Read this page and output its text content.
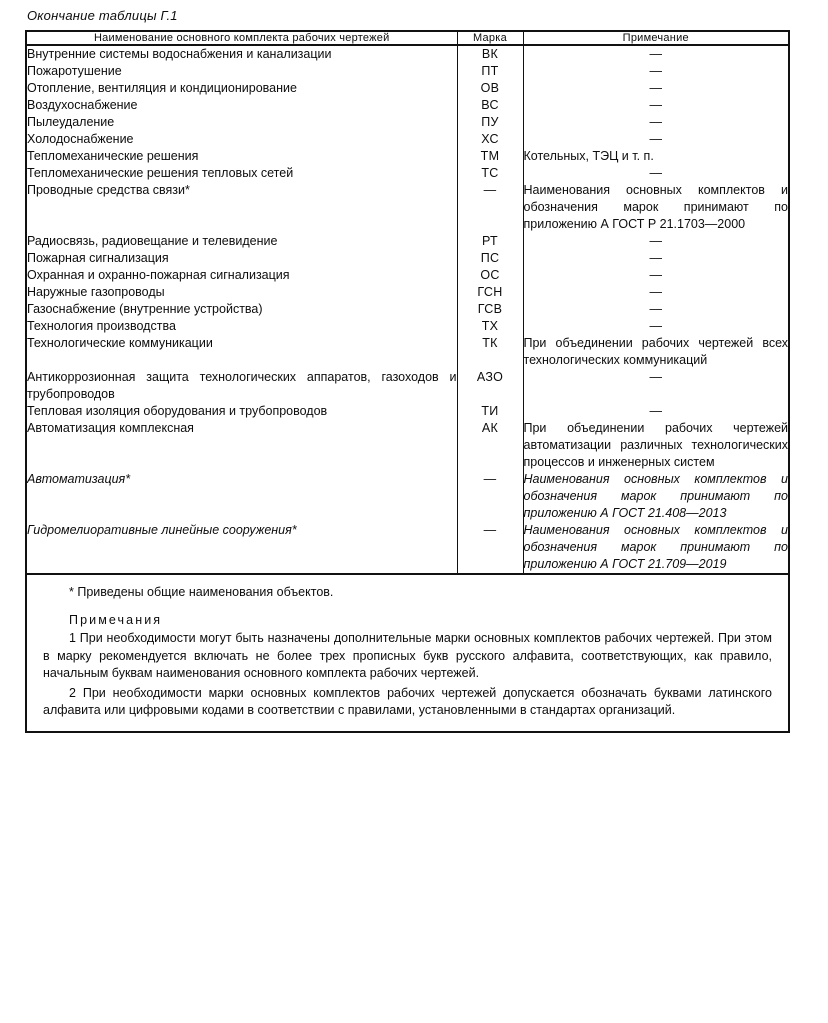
Окончание таблицы Г.1
Наименование основного комплекта рабочих чертежей	Марка	Примечание
Внутренние системы водоснабжения и канализации	ВК	—
Пожаротушение	ПТ	—
Отопление, вентиляция и кондиционирование	ОВ	—
Воздухоснабжение	ВС	—
Пылеудаление	ПУ	—
Холодоснабжение	ХС	—
Тепломеханические решения	ТМ	Котельных, ТЭЦ и т. п.
Тепломеханические решения тепловых сетей	ТС	—
Проводные средства связи*	—	Наименования основных комплектов и обозначения марок принимают по приложению А ГОСТ Р 21.1703—2000
Радиосвязь, радиовещание и телевидение	РТ	—
Пожарная сигнализация	ПС	—
Охранная и охранно-пожарная сигнализация	ОС	—
Наружные газопроводы	ГСН	—
Газоснабжение (внутренние устройства)	ГСВ	—
Технология производства	ТХ	—
Технологические коммуникации	ТК	При объединении рабочих чертежей всех технологических коммуникаций
Антикоррозионная защита технологических аппаратов, газоходов и трубопроводов	АЗО	—
Тепловая изоляция оборудования и трубопроводов	ТИ	—
Автоматизация комплексная	АК	При объединении рабочих чертежей автоматизации различных технологических процессов и инженерных систем
Автоматизация*	—	Наименования основных комплектов и обозначения марок принимают по приложению А ГОСТ 21.408—2013
Гидромелиоративные линейные сооружения*	—	Наименования основных комплектов и обозначения марок принимают по приложению А ГОСТ 21.709—2019
* Приведены общие наименования объектов.
Примечания

1 При необходимости могут быть назначены дополнительные марки основных комплектов рабочих чертежей. При этом в марку рекомендуется включать не более трех прописных букв русского алфавита, соответствующих, как правило, начальным буквам наименования основного комплекта рабочих чертежей.

2 При необходимости марки основных комплектов рабочих чертежей допускается обозначать буквами латинского алфавита или цифровыми кодами в соответствии с правилами, установленными в стандартах организаций.
